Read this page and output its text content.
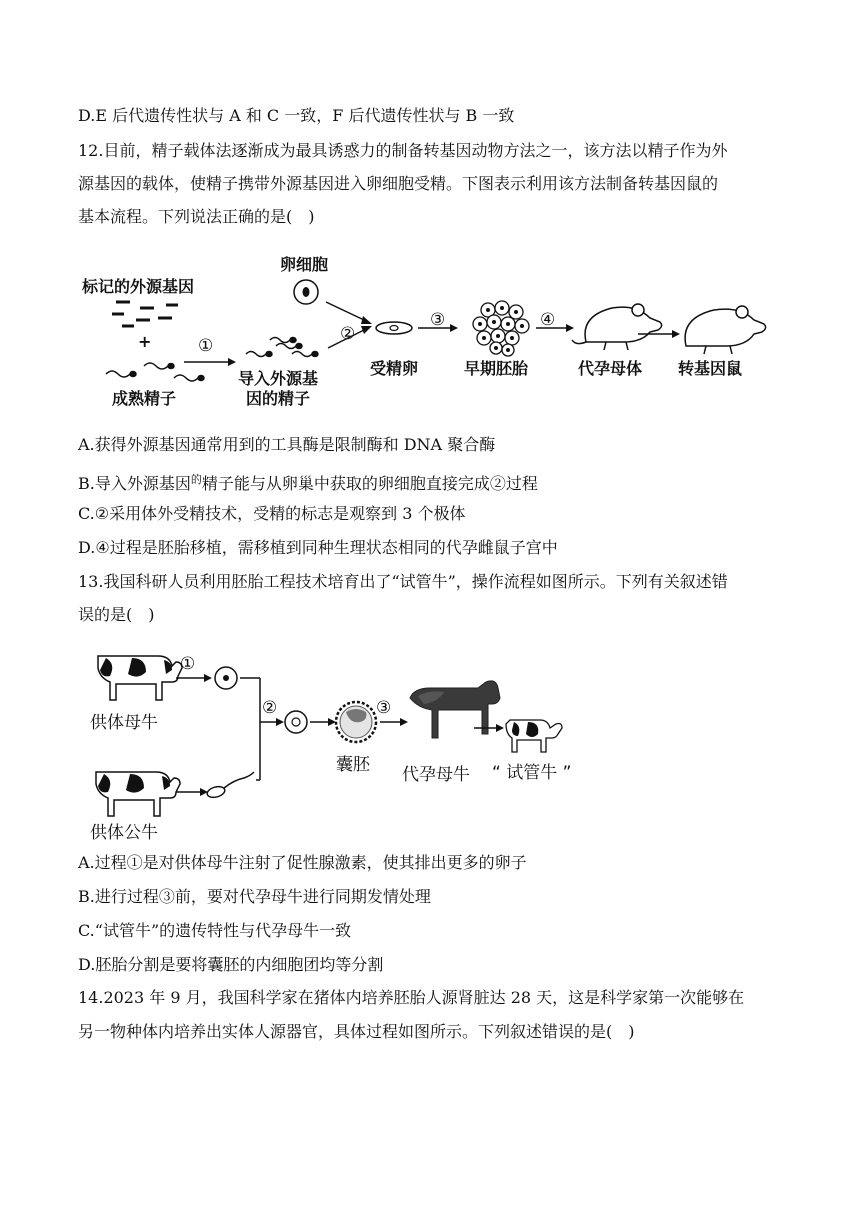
D.E 后代遗传性状与 A 和 C 一致，F 后代遗传性状与 B 一致
12.目前，精子载体法逐渐成为最具诱惑力的制备转基因动物方法之一，该方法以精子作为外
源基因的载体，使精子携带外源基因进入卵细胞受精。下图表示利用该方法制备转基因鼠的
基本流程。下列说法正确的是(　)
标记的外源基因
+
成熟精子
①
导入外源基
因的精子
卵细胞
②
受精卵
③
早期胚胎
④
代孕母体 转基因鼠
A.获得外源基因通常用到的工具酶是限制酶和 DNA 聚合酶
B.导入外源基因$^的$精子能与从卵巢中获取的卵细胞直接完成②过程
C.②采用体外受精技术，受精的标志是观察到 3 个极体
D.④过程是胚胎移植，需移植到同种生理状态相同的代孕雌鼠子宫中
13.我国科研人员利用胚胎工程技术培育出了“试管牛”，操作流程如图所示。下列有关叙述错
误的是(　)
①
供体母牛
②
囊胚
③
代孕母牛 “ 试管牛 ”
供体公牛
A.过程①是对供体母牛注射了促性腺激素，使其排出更多的卵子
B.进行过程③前，要对代孕母牛进行同期发情处理
C.“试管牛”的遗传特性与代孕母牛一致
D.胚胎分割是要将囊胚的内细胞团均等分割
14.2023 年 9 月，我国科学家在猪体内培养胚胎人源肾脏达 28 天，这是科学家第一次能够在
另一物种体内培养出实体人源器官，具体过程如图所示。下列叙述错误的是(　)
